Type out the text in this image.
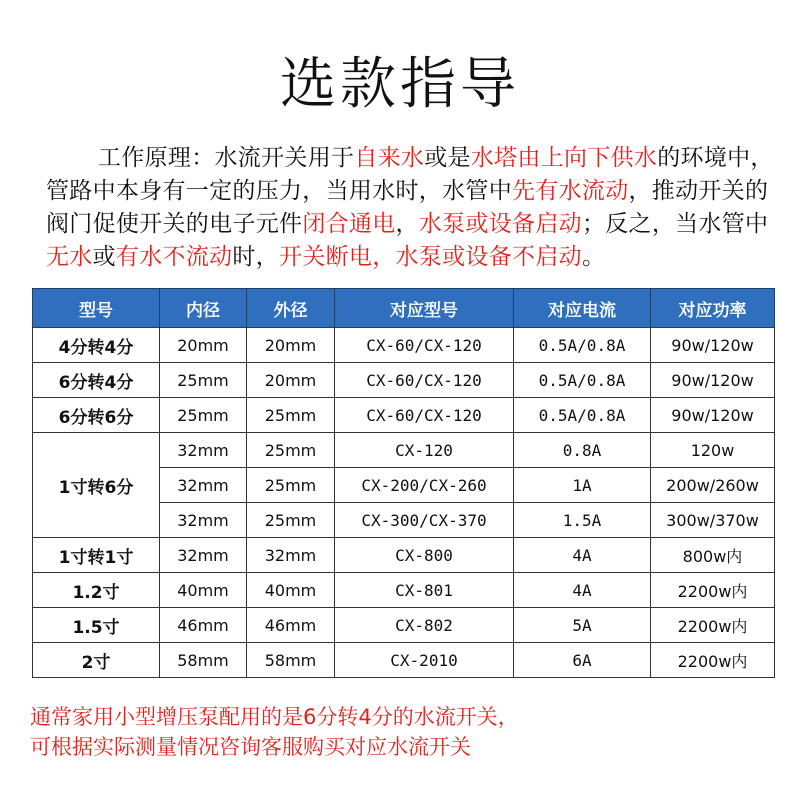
选款指导
工作原理：水流开关用于自来水或是水塔由上向下供水的环境中，管路中本身有一定的压力，当用水时，水管中先有水流动，推动开关的阀门促使开关的电子元件闭合通电，水泵或设备启动；反之，当水管中无水或有水不流动时，开关断电，水泵或设备不启动。
型号	内径	外径	对应型号	对应电流	对应功率
4分转4分	20mm	20mm	CX-60/CX-120	0.5A/0.8A	90w/120w
6分转4分	25mm	20mm	CX-60/CX-120	0.5A/0.8A	90w/120w
6分转6分	25mm	25mm	CX-60/CX-120	0.5A/0.8A	90w/120w
1寸转6分	32mm	25mm	CX-120	0.8A	120w
	32mm	25mm	CX-200/CX-260	1A	200w/260w
	32mm	25mm	CX-300/CX-370	1.5A	300w/370w
1寸转1寸	32mm	32mm	CX-800	4A	800w内
1.2寸	40mm	40mm	CX-801	4A	2200w内
1.5寸	46mm	46mm	CX-802	5A	2200w内
2寸	58mm	58mm	CX-2010	6A	2200w内
通常家用小型增压泵配用的是6分转4分的水流开关，
可根据实际测量情况咨询客服购买对应水流开关
